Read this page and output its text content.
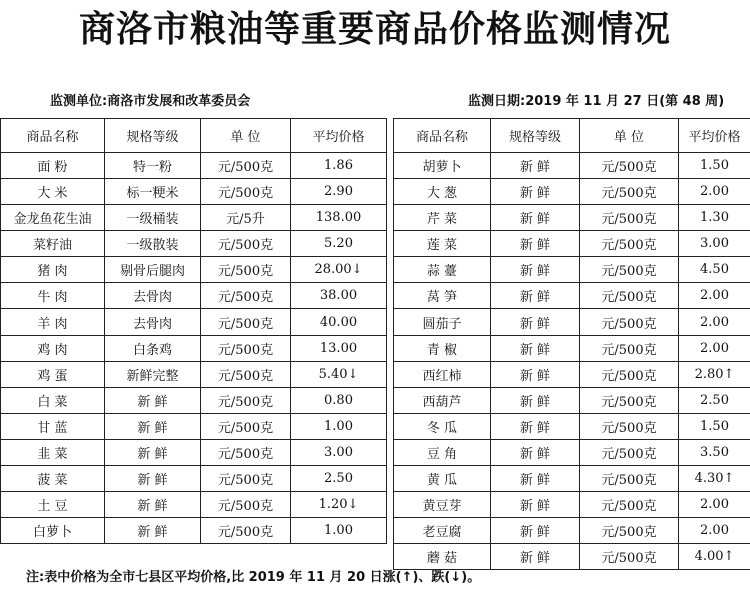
商洛市粮油等重要商品价格监测情况
监测单位:商洛市发展和改革委员会	监测日期:2019 年 11 月 27 日(第 48 周)
商品名称	规格等级	单 位	平均价格
面 粉	特一粉	元/500克	1.86
大 米	标一粳米	元/500克	2.90
金龙鱼花生油	一级桶装	元/5升	138.00
菜籽油	一级散装	元/500克	5.20
猪 肉	剔骨后腿肉	元/500克	28.00↓
牛 肉	去骨肉	元/500克	38.00
羊 肉	去骨肉	元/500克	40.00
鸡 肉	白条鸡	元/500克	13.00
鸡 蛋	新鲜完整	元/500克	5.40↓
白 菜	新 鲜	元/500克	0.80
甘 蓝	新 鲜	元/500克	1.00
韭 菜	新 鲜	元/500克	3.00
菠 菜	新 鲜	元/500克	2.50
土 豆	新 鲜	元/500克	1.20↓
白萝卜	新 鲜	元/500克	1.00
商品名称	规格等级	单 位	平均价格
胡萝卜	新 鲜	元/500克	1.50
大 葱	新 鲜	元/500克	2.00
芹 菜	新 鲜	元/500克	1.30
莲 菜	新 鲜	元/500克	3.00
蒜 薹	新 鲜	元/500克	4.50
莴 笋	新 鲜	元/500克	2.00
圆茄子	新 鲜	元/500克	2.00
青 椒	新 鲜	元/500克	2.00
西红柿	新 鲜	元/500克	2.80↑
西葫芦	新 鲜	元/500克	2.50
冬 瓜	新 鲜	元/500克	1.50
豆 角	新 鲜	元/500克	3.50
黄 瓜	新 鲜	元/500克	4.30↑
黄豆芽	新 鲜	元/500克	2.00
老豆腐	新 鲜	元/500克	2.00
蘑 菇	新 鲜	元/500克	4.00↑
注:表中价格为全市七县区平均价格,比 2019 年 11 月 20 日涨(↑)、跌(↓)。
